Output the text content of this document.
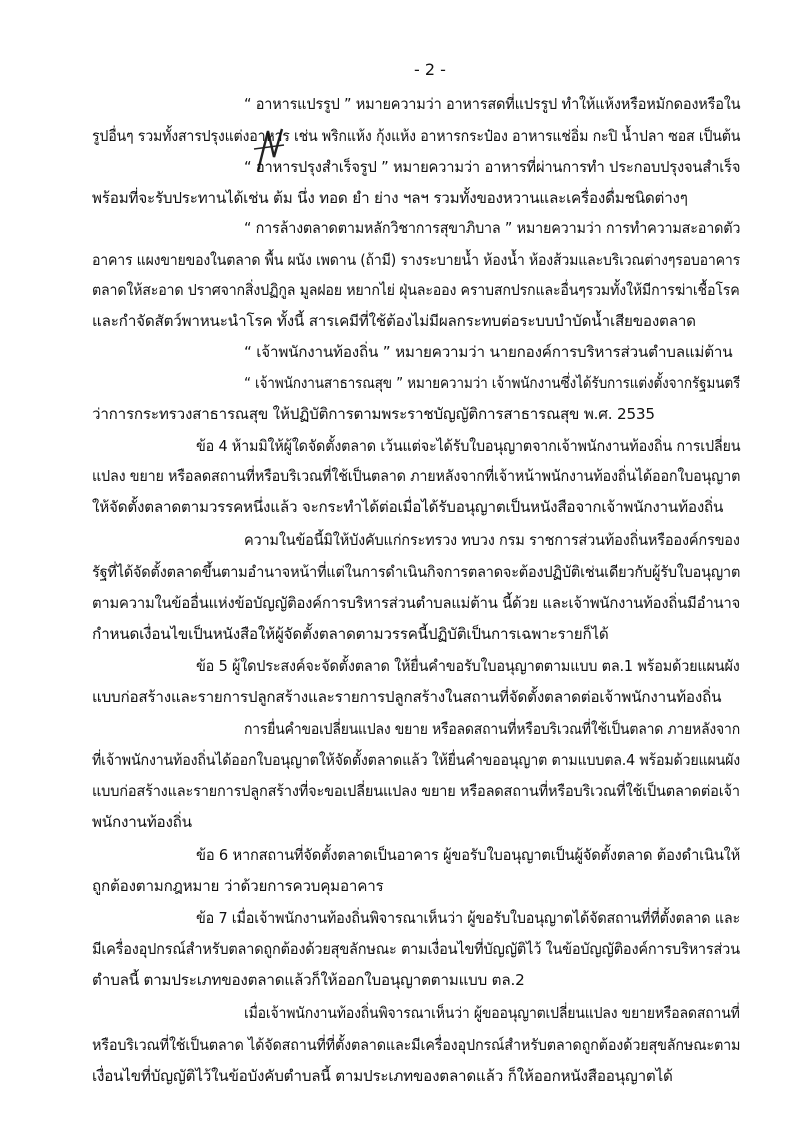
- 2 -
“ อาหารแปรรูป ” หมายความว่า อาหารสดที่แปรรูป ทำให้แห้งหรือหมักดองหรือใน
รูปอื่นๆ รวมทั้งสารปรุงแต่งอาหาร เช่น พริกแห้ง กุ้งแห้ง อาหารกระป๋อง อาหารแช่อิ่ม กะปิ น้ำปลา ซอส เป็นต้น
“ อาหารปรุงสำเร็จรูป ” หมายความว่า อาหารที่ผ่านการทำ ประกอบปรุงจนสำเร็จ
พร้อมที่จะรับประทานได้เช่น ต้ม นึ่ง ทอด ยำ ย่าง ฯลฯ รวมทั้งของหวานและเครื่องดื่มชนิดต่างๆ
“ การล้างตลาดตามหลักวิชาการสุขาภิบาล ” หมายความว่า การทำความสะอาดตัว
อาคาร แผงขายของในตลาด พื้น ผนัง เพดาน (ถ้ามี) รางระบายน้ำ ห้องน้ำ ห้องส้วมและบริเวณต่างๆรอบอาคาร
ตลาดให้สะอาด ปราศจากสิ่งปฏิกูล มูลฝอย หยากไย่ ฝุ่นละออง คราบสกปรกและอื่นๆรวมทั้งให้มีการฆ่าเชื้อโรค
และกำจัดสัตว์พาหนะนำโรค ทั้งนี้ สารเคมีที่ใช้ต้องไม่มีผลกระทบต่อระบบบำบัดน้ำเสียของตลาด
“ เจ้าพนักงานท้องถิ่น ” หมายความว่า นายกองค์การบริหารส่วนตำบลแม่ต้าน
“ เจ้าพนักงานสาธารณสุข ” หมายความว่า เจ้าพนักงานซึ่งได้รับการแต่งตั้งจากรัฐมนตรี
ว่าการกระทรวงสาธารณสุข ให้ปฏิบัติการตามพระราชบัญญัติการสาธารณสุข พ.ศ. 2535
ข้อ 4 ห้ามมิให้ผู้ใดจัดตั้งตลาด เว้นแต่จะได้รับใบอนุญาตจากเจ้าพนักงานท้องถิ่น การเปลี่ยน
แปลง ขยาย หรือลดสถานที่หรือบริเวณที่ใช้เป็นตลาด ภายหลังจากที่เจ้าหน้าพนักงานท้องถิ่นได้ออกใบอนุญาต
ให้จัดตั้งตลาดตามวรรคหนึ่งแล้ว จะกระทำได้ต่อเมื่อได้รับอนุญาตเป็นหนังสือจากเจ้าพนักงานท้องถิ่น
ความในข้อนี้มิให้บังคับแก่กระทรวง ทบวง กรม ราชการส่วนท้องถิ่นหรือองค์กรของ
รัฐที่ได้จัดตั้งตลาดขึ้นตามอำนาจหน้าที่แต่ในการดำเนินกิจการตลาดจะต้องปฏิบัติเช่นเดียวกับผู้รับใบอนุญาต
ตามความในข้ออื่นแห่งข้อบัญญัติองค์การบริหารส่วนตำบลแม่ต้าน นี้ด้วย และเจ้าพนักงานท้องถิ่นมีอำนาจ
กำหนดเงื่อนไขเป็นหนังสือให้ผู้จัดตั้งตลาดตามวรรคนี้ปฏิบัติเป็นการเฉพาะรายก็ได้
ข้อ 5 ผู้ใดประสงค์จะจัดตั้งตลาด ให้ยื่นคำขอรับใบอนุญาตตามแบบ ตล.1 พร้อมด้วยแผนผัง
แบบก่อสร้างและรายการปลูกสร้างและรายการปลูกสร้างในสถานที่จัดตั้งตลาดต่อเจ้าพนักงานท้องถิ่น
การยื่นคำขอเปลี่ยนแปลง ขยาย หรือลดสถานที่หรือบริเวณที่ใช้เป็นตลาด ภายหลังจาก
ที่เจ้าพนักงานท้องถิ่นได้ออกใบอนุญาตให้จัดตั้งตลาดแล้ว ให้ยื่นคำขออนุญาต ตามแบบตล.4 พร้อมด้วยแผนผัง
แบบก่อสร้างและรายการปลูกสร้างที่จะขอเปลี่ยนแปลง ขยาย หรือลดสถานที่หรือบริเวณที่ใช้เป็นตลาดต่อเจ้า
พนักงานท้องถิ่น
ข้อ 6 หากสถานที่จัดตั้งตลาดเป็นอาคาร ผู้ขอรับใบอนุญาตเป็นผู้จัดตั้งตลาด ต้องดำเนินให้
ถูกต้องตามกฎหมาย ว่าด้วยการควบคุมอาคาร
ข้อ 7 เมื่อเจ้าพนักงานท้องถิ่นพิจารณาเห็นว่า ผู้ขอรับใบอนุญาตได้จัดสถานที่ที่ตั้งตลาด และ
มีเครื่องอุปกรณ์สำหรับตลาดถูกต้องด้วยสุขลักษณะ ตามเงื่อนไขที่บัญญัติไว้ ในข้อบัญญัติองค์การบริหารส่วน
ตำบลนี้ ตามประเภทของตลาดแล้วก็ให้ออกใบอนุญาตตามแบบ ตล.2
เมื่อเจ้าพนักงานท้องถิ่นพิจารณาเห็นว่า ผู้ขออนุญาตเปลี่ยนแปลง ขยายหรือลดสถานที่
หรือบริเวณที่ใช้เป็นตลาด ได้จัดสถานที่ที่ตั้งตลาดและมีเครื่องอุปกรณ์สำหรับตลาดถูกต้องด้วยสุขลักษณะตาม
เงื่อนไขที่บัญญัติไว้ในข้อบังคับตำบลนี้ ตามประเภทของตลาดแล้ว ก็ให้ออกหนังสืออนุญาตได้
